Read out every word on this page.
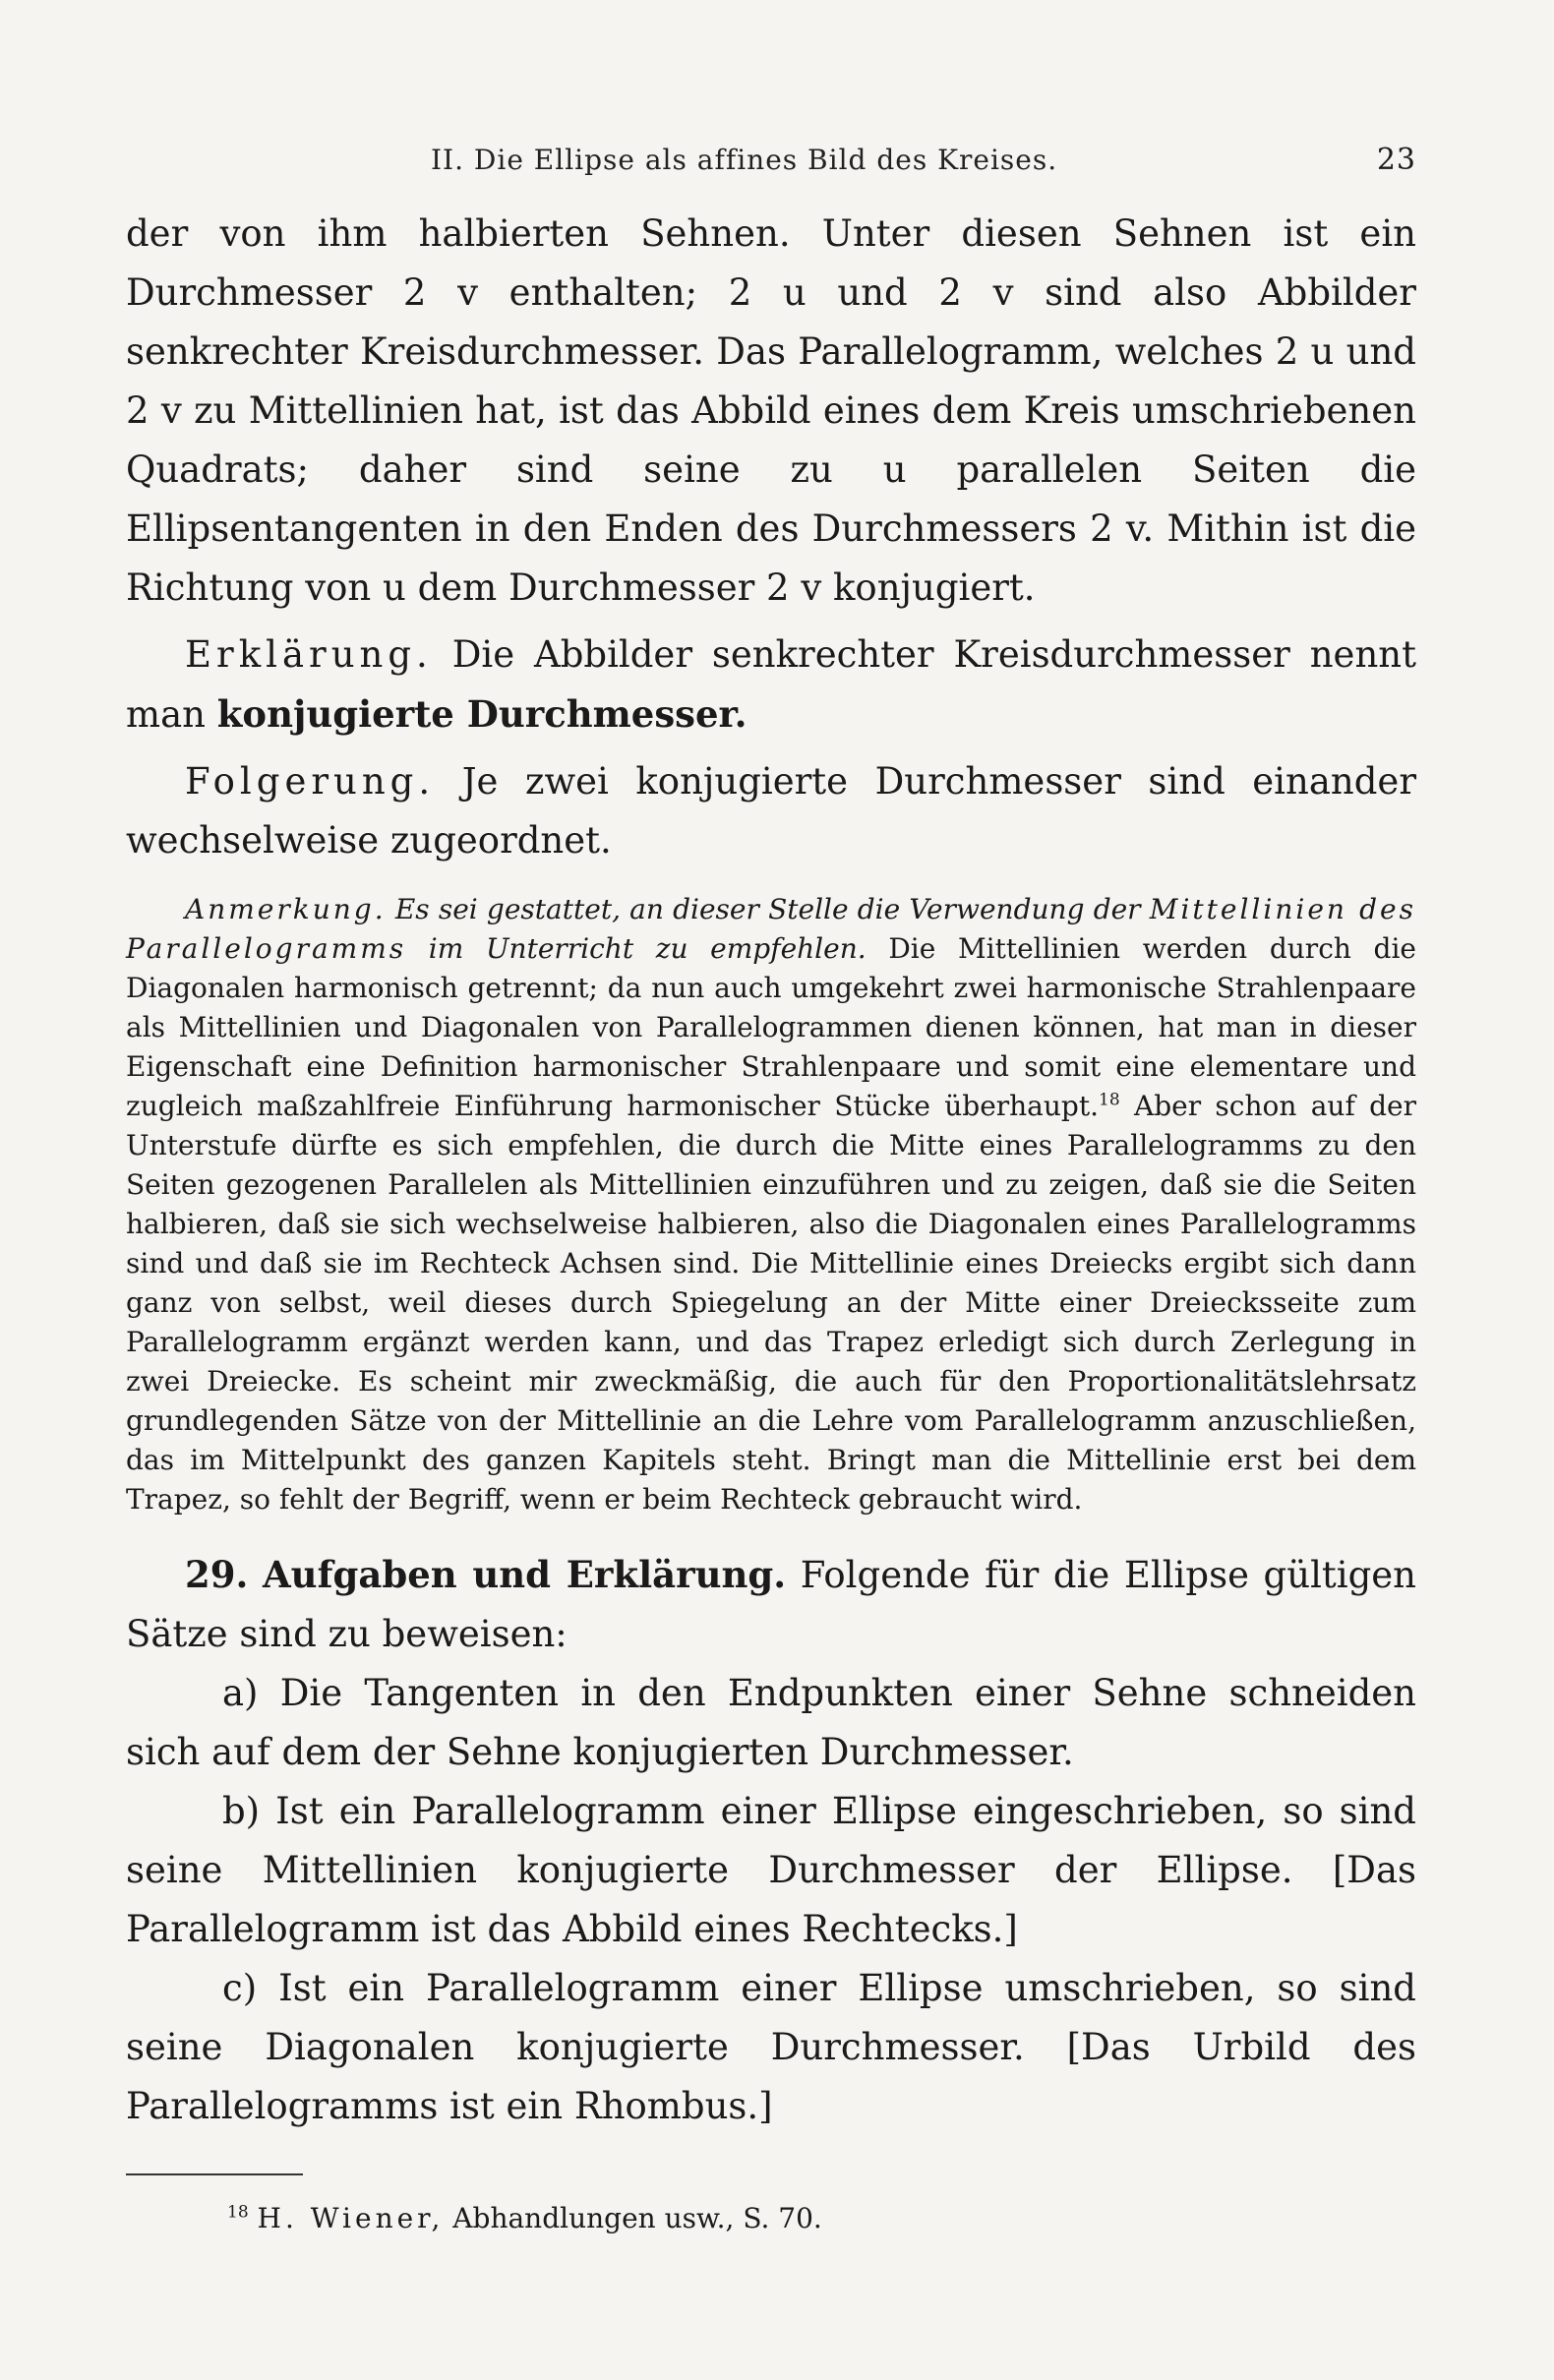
II. Die Ellipse als affines Bild des Kreises.	23

der von ihm halbierten Sehnen. Unter diesen Sehnen ist ein Durchmesser 2 v enthalten; 2 u und 2 v sind also Abbilder senkrechter Kreisdurchmesser. Das Parallelogramm, welches 2 u und 2 v zu Mittellinien hat, ist das Abbild eines dem Kreis umschriebenen Quadrats; daher sind seine zu u parallelen Seiten die Ellipsentangenten in den Enden des Durchmessers 2 v. Mithin ist die Richtung von u dem Durchmesser 2 v konjugiert.

Erklärung. Die Abbilder senkrechter Kreisdurchmesser nennt man konjugierte Durchmesser.

Folgerung. Je zwei konjugierte Durchmesser sind einander wechselweise zugeordnet.

Anmerkung. Es sei gestattet, an dieser Stelle die Verwendung der Mittellinien des Parallelogramms im Unterricht zu empfehlen. Die Mittellinien werden durch die Diagonalen harmonisch getrennt; da nun auch umgekehrt zwei harmonische Strahlenpaare als Mittellinien und Diagonalen von Parallelogrammen dienen können, hat man in dieser Eigenschaft eine Definition harmonischer Strahlenpaare und somit eine elementare und zugleich maßzahlfreie Einführung harmonischer Stücke überhaupt.$^{18}$ Aber schon auf der Unterstufe dürfte es sich empfehlen, die durch die Mitte eines Parallelogramms zu den Seiten gezogenen Parallelen als Mittellinien einzuführen und zu zeigen, daß sie die Seiten halbieren, daß sie sich wechselweise halbieren, also die Diagonalen eines Parallelogramms sind und daß sie im Rechteck Achsen sind. Die Mittellinie eines Dreiecks ergibt sich dann ganz von selbst, weil dieses durch Spiegelung an der Mitte einer Dreiecksseite zum Parallelogramm ergänzt werden kann, und das Trapez erledigt sich durch Zerlegung in zwei Dreiecke. Es scheint mir zweckmäßig, die auch für den Proportionalitätslehrsatz grundlegenden Sätze von der Mittellinie an die Lehre vom Parallelogramm anzuschließen, das im Mittelpunkt des ganzen Kapitels steht. Bringt man die Mittellinie erst bei dem Trapez, so fehlt der Begriff, wenn er beim Rechteck gebraucht wird.

29. Aufgaben und Erklärung. Folgende für die Ellipse gültigen Sätze sind zu beweisen:

a) Die Tangenten in den Endpunkten einer Sehne schneiden sich auf dem der Sehne konjugierten Durchmesser.

b) Ist ein Parallelogramm einer Ellipse eingeschrieben, so sind seine Mittellinien konjugierte Durchmesser der Ellipse. [Das Parallelogramm ist das Abbild eines Rechtecks.]

c) Ist ein Parallelogramm einer Ellipse umschrieben, so sind seine Diagonalen konjugierte Durchmesser. [Das Urbild des Parallelogramms ist ein Rhombus.]

$^{18}$ H. Wiener, Abhandlungen usw., S. 70.
